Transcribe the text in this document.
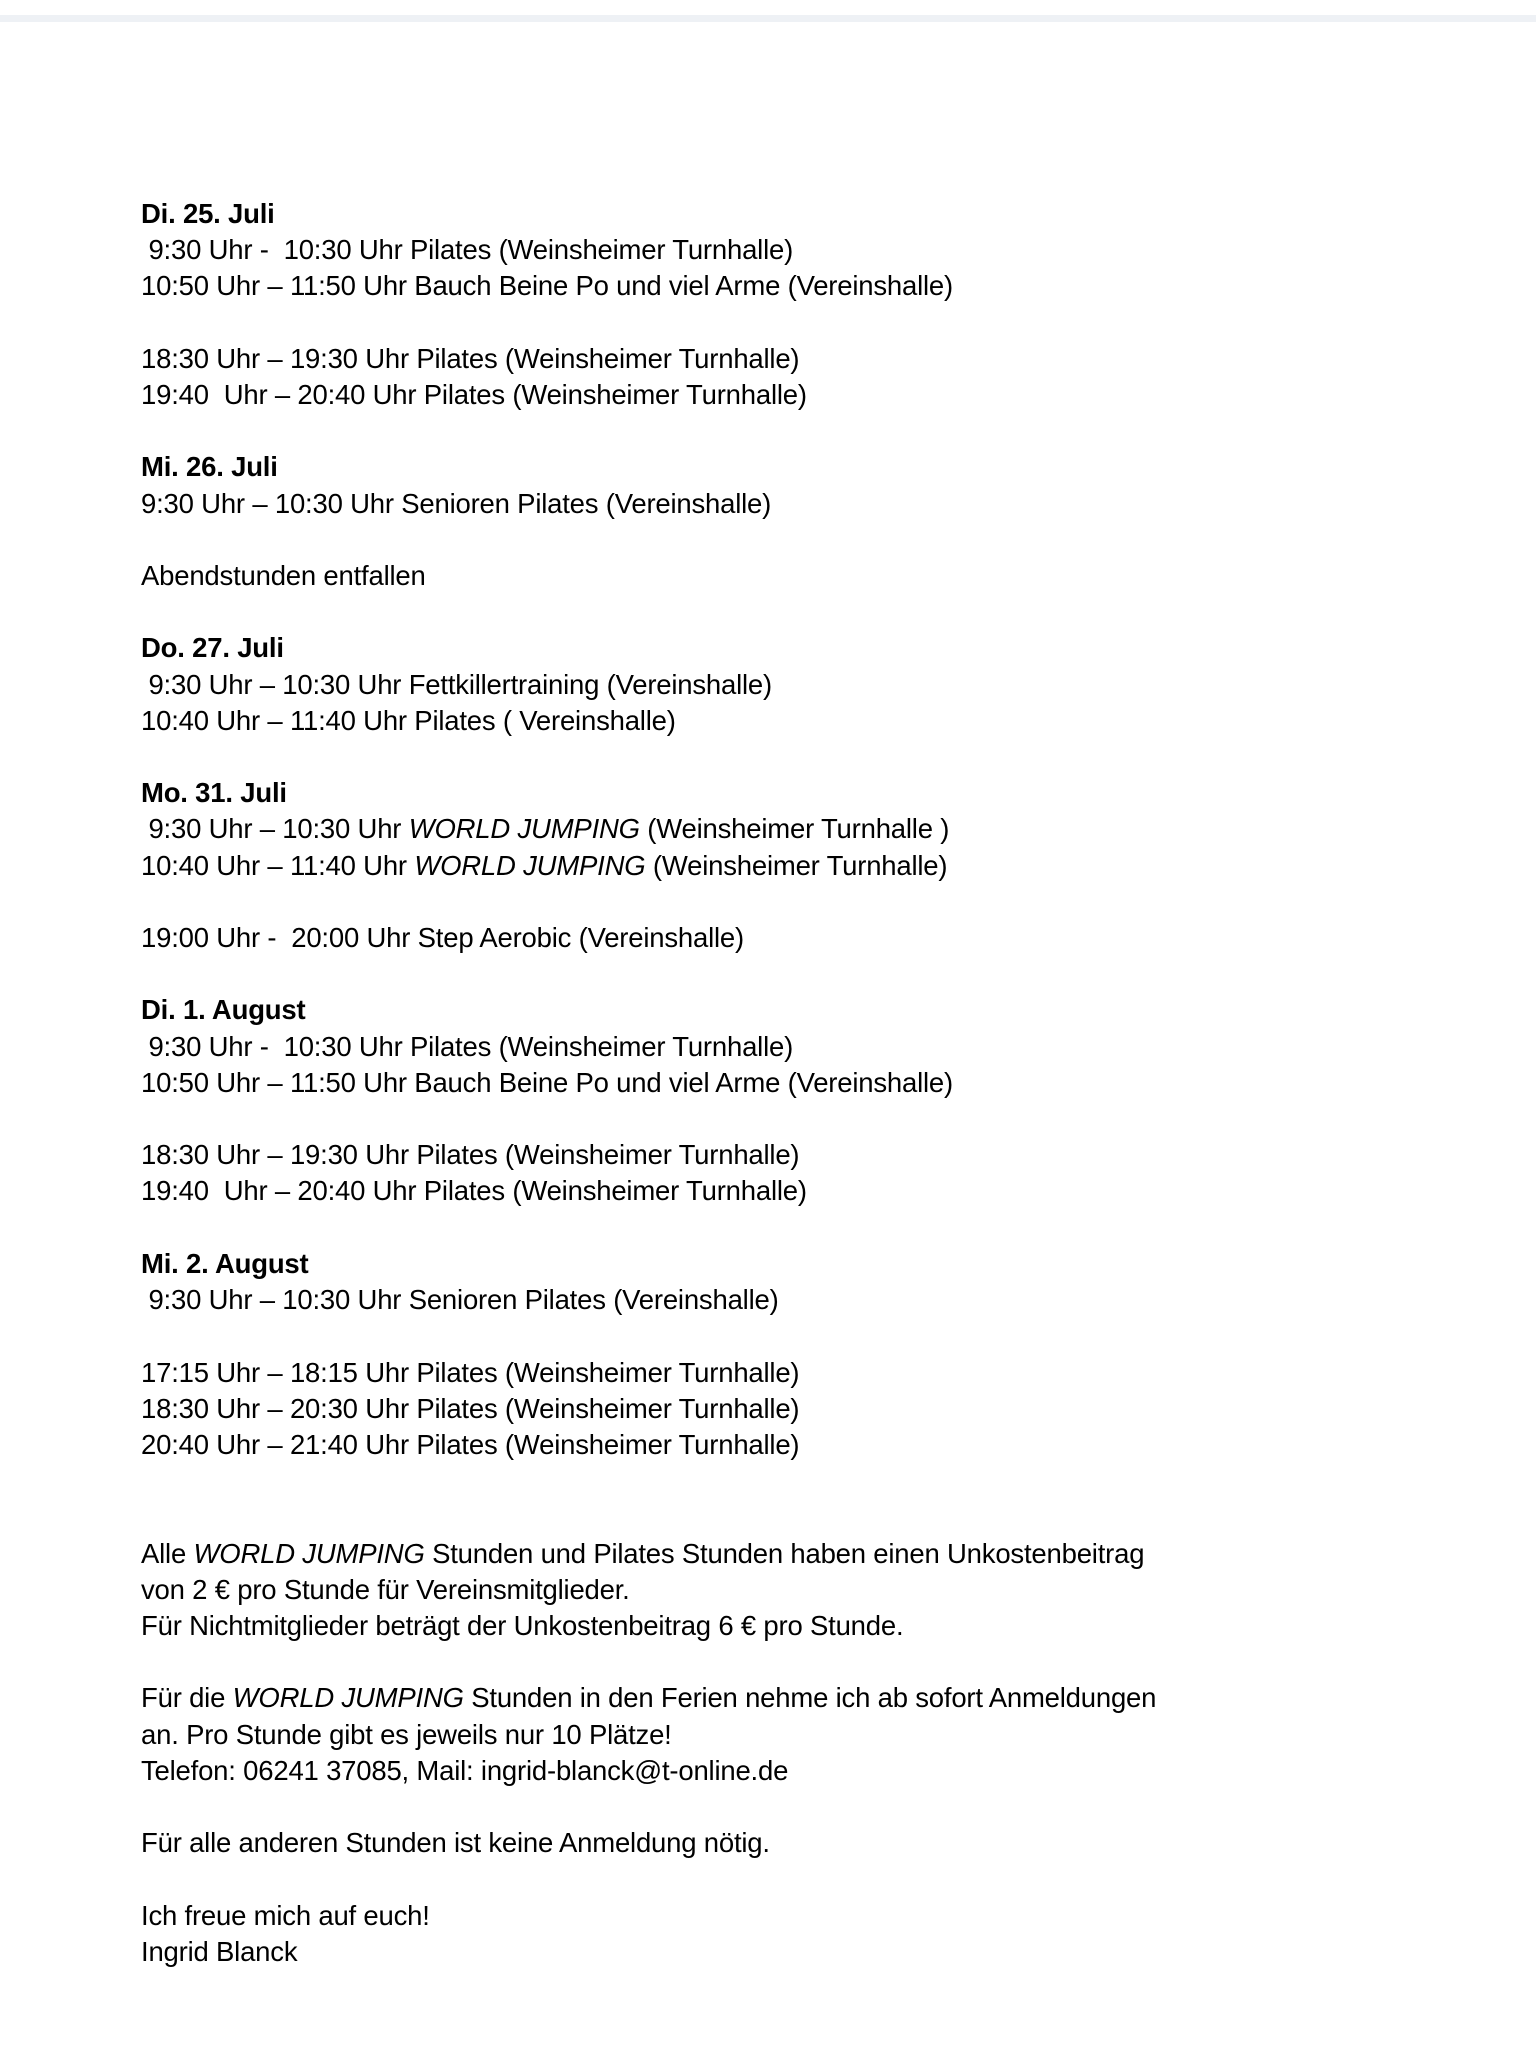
Di. 25. Juli
9:30 Uhr -  10:30 Uhr Pilates (Weinsheimer Turnhalle)
10:50 Uhr – 11:50 Uhr Bauch Beine Po und viel Arme (Vereinshalle)

18:30 Uhr – 19:30 Uhr Pilates (Weinsheimer Turnhalle)
19:40  Uhr – 20:40 Uhr Pilates (Weinsheimer Turnhalle)

Mi. 26. Juli
9:30 Uhr – 10:30 Uhr Senioren Pilates (Vereinshalle)

Abendstunden entfallen

Do. 27. Juli
9:30 Uhr – 10:30 Uhr Fettkillertraining (Vereinshalle)
10:40 Uhr – 11:40 Uhr Pilates ( Vereinshalle)

Mo. 31. Juli
9:30 Uhr – 10:30 Uhr WORLD JUMPING (Weinsheimer Turnhalle )
10:40 Uhr – 11:40 Uhr WORLD JUMPING (Weinsheimer Turnhalle)

19:00 Uhr -  20:00 Uhr Step Aerobic (Vereinshalle)

Di. 1. August
9:30 Uhr -  10:30 Uhr Pilates (Weinsheimer Turnhalle)
10:50 Uhr – 11:50 Uhr Bauch Beine Po und viel Arme (Vereinshalle)

18:30 Uhr – 19:30 Uhr Pilates (Weinsheimer Turnhalle)
19:40  Uhr – 20:40 Uhr Pilates (Weinsheimer Turnhalle)

Mi. 2. August
9:30 Uhr – 10:30 Uhr Senioren Pilates (Vereinshalle)

17:15 Uhr – 18:15 Uhr Pilates (Weinsheimer Turnhalle)
18:30 Uhr – 20:30 Uhr Pilates (Weinsheimer Turnhalle)
20:40 Uhr – 21:40 Uhr Pilates (Weinsheimer Turnhalle)

Alle WORLD JUMPING Stunden und Pilates Stunden haben einen Unkostenbeitrag
von 2 € pro Stunde für Vereinsmitglieder.
Für Nichtmitglieder beträgt der Unkostenbeitrag 6 € pro Stunde.

Für die WORLD JUMPING Stunden in den Ferien nehme ich ab sofort Anmeldungen
an. Pro Stunde gibt es jeweils nur 10 Plätze!
Telefon: 06241 37085, Mail: ingrid-blanck@t-online.de

Für alle anderen Stunden ist keine Anmeldung nötig.

Ich freue mich auf euch!
Ingrid Blanck
